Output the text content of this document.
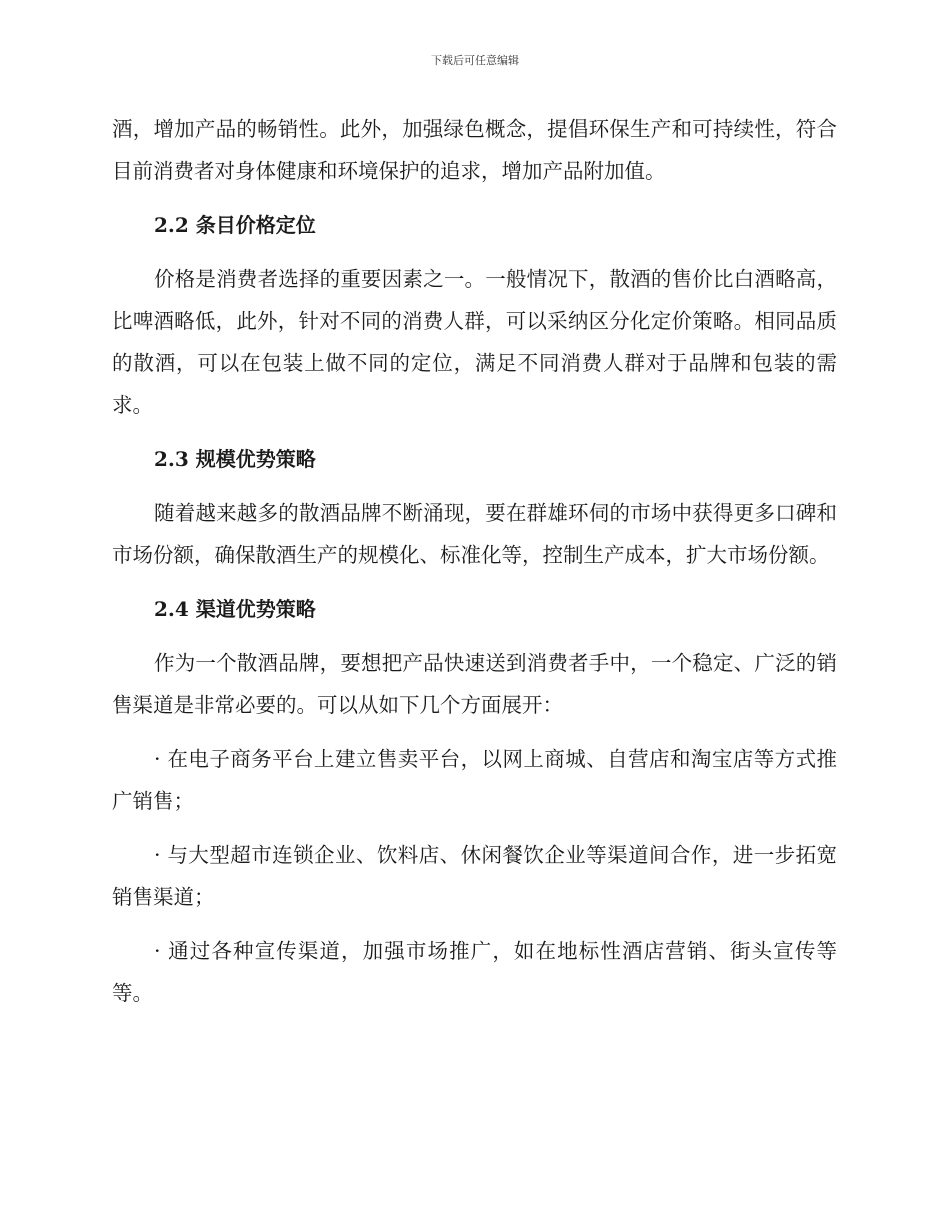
下载后可任意编辑

酒，增加产品的畅销性。此外，加强绿色概念，提倡环保生产和可持续性，符合目前消费者对身体健康和环境保护的追求，增加产品附加值。

2.2 条目价格定位

价格是消费者选择的重要因素之一。一般情况下，散酒的售价比白酒略高，比啤酒略低，此外，针对不同的消费人群，可以采纳区分化定价策略。相同品质的散酒，可以在包装上做不同的定位，满足不同消费人群对于品牌和包装的需求。

2.3 规模优势策略

随着越来越多的散酒品牌不断涌现，要在群雄环伺的市场中获得更多口碑和市场份额，确保散酒生产的规模化、标准化等，控制生产成本，扩大市场份额。

2.4 渠道优势策略

作为一个散酒品牌，要想把产品快速送到消费者手中，一个稳定、广泛的销售渠道是非常必要的。可以从如下几个方面展开：

· 在电子商务平台上建立售卖平台，以网上商城、自营店和淘宝店等方式推广销售；

· 与大型超市连锁企业、饮料店、休闲餐饮企业等渠道间合作，进一步拓宽销售渠道；

· 通过各种宣传渠道，加强市场推广，如在地标性酒店营销、街头宣传等等。
